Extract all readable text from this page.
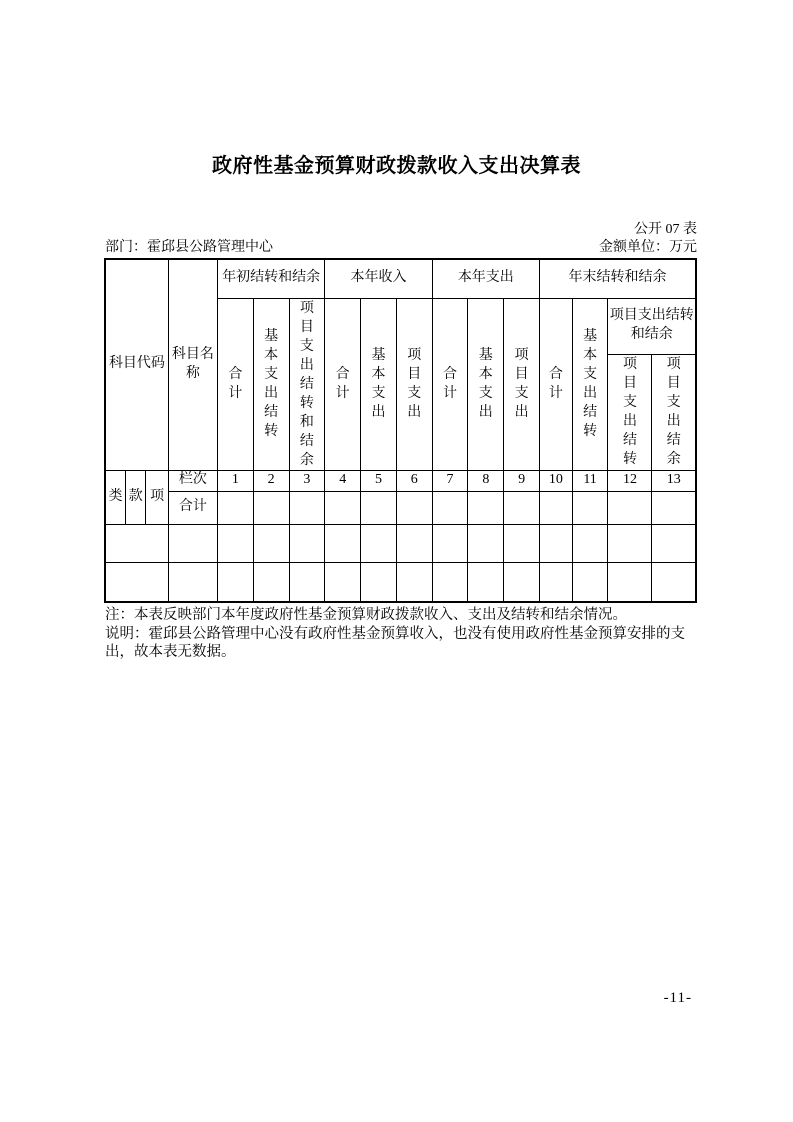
政府性基金预算财政拨款收入支出决算表
公开 07 表
部门：霍邱县公路管理中心	金额单位：万元
科目代码			科目名称	年初结转和结余			本年收入			本年支出			年末结转和结余			
				合计	基本支出结转	项目支出结转和结余	合计	基本支出	项目支出	合计	基本支出	项目支出	合计	基本支出结转	项目支出结转和结余	
															项目支出结转	项目支出结余
类	款	项	栏次	1	2	3	4	5	6	7	8	9	10	11	12	13
			合计													

注：本表反映部门本年度政府性基金预算财政拨款收入、支出及结转和结余情况。
说明：霍邱县公路管理中心没有政府性基金预算收入，也没有使用政府性基金预算安排的支出，故本表无数据。
-11-
